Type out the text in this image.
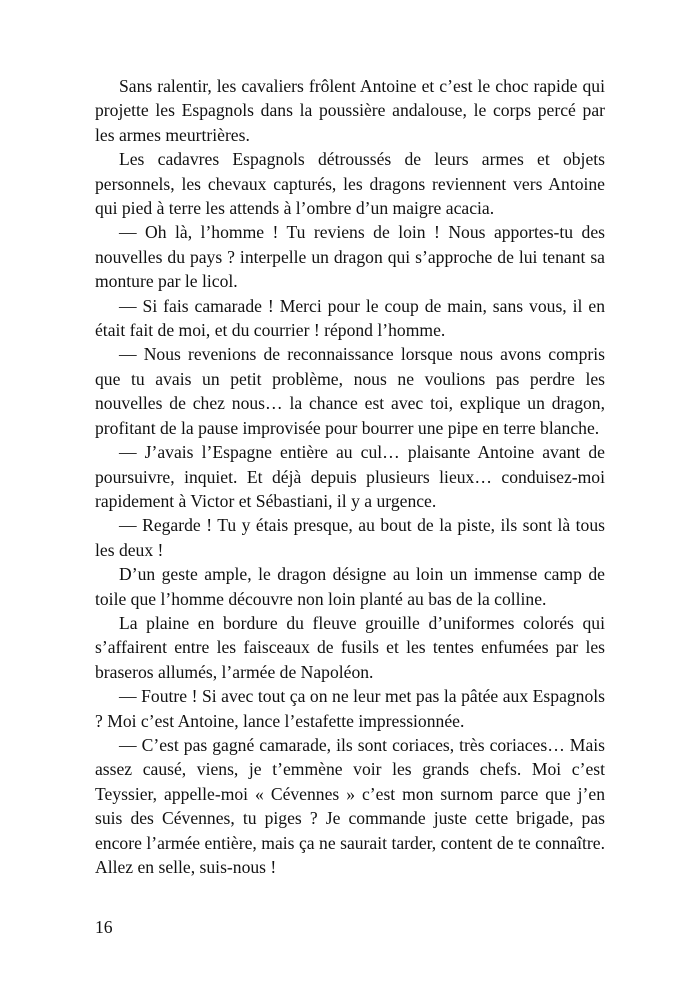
Sans ralentir, les cavaliers frôlent Antoine et c’est le choc rapide qui projette les Espagnols dans la poussière andalouse, le corps percé par les armes meurtrières.

Les cadavres Espagnols détroussés de leurs armes et objets personnels, les chevaux capturés, les dragons reviennent vers Antoine qui pied à terre les attends à l’ombre d’un maigre acacia.

— Oh là, l’homme ! Tu reviens de loin ! Nous apportes-tu des nouvelles du pays ? interpelle un dragon qui s’approche de lui tenant sa monture par le licol.

— Si fais camarade ! Merci pour le coup de main, sans vous, il en était fait de moi, et du courrier ! répond l’homme.

— Nous revenions de reconnaissance lorsque nous avons compris que tu avais un petit problème, nous ne voulions pas perdre les nouvelles de chez nous… la chance est avec toi, explique un dragon, profitant de la pause improvisée pour bourrer une pipe en terre blanche.

— J’avais l’Espagne entière au cul… plaisante Antoine avant de poursuivre, inquiet. Et déjà depuis plusieurs lieux… conduisez-moi rapidement à Victor et Sébastiani, il y a urgence.

— Regarde ! Tu y étais presque, au bout de la piste, ils sont là tous les deux !

D’un geste ample, le dragon désigne au loin un immense camp de toile que l’homme découvre non loin planté au bas de la colline.

La plaine en bordure du fleuve grouille d’uniformes colorés qui s’affairent entre les faisceaux de fusils et les tentes enfumées par les braseros allumés, l’armée de Napoléon.

— Foutre ! Si avec tout ça on ne leur met pas la pâtée aux Espagnols ? Moi c’est Antoine, lance l’estafette impressionnée.

— C’est pas gagné camarade, ils sont coriaces, très coriaces… Mais assez causé, viens, je t’emmène voir les grands chefs. Moi c’est Teyssier, appelle-moi « Cévennes » c’est mon surnom parce que j’en suis des Cévennes, tu piges ? Je commande juste cette brigade, pas encore l’armée entière, mais ça ne saurait tarder, content de te connaître. Allez en selle, suis-nous !

16
